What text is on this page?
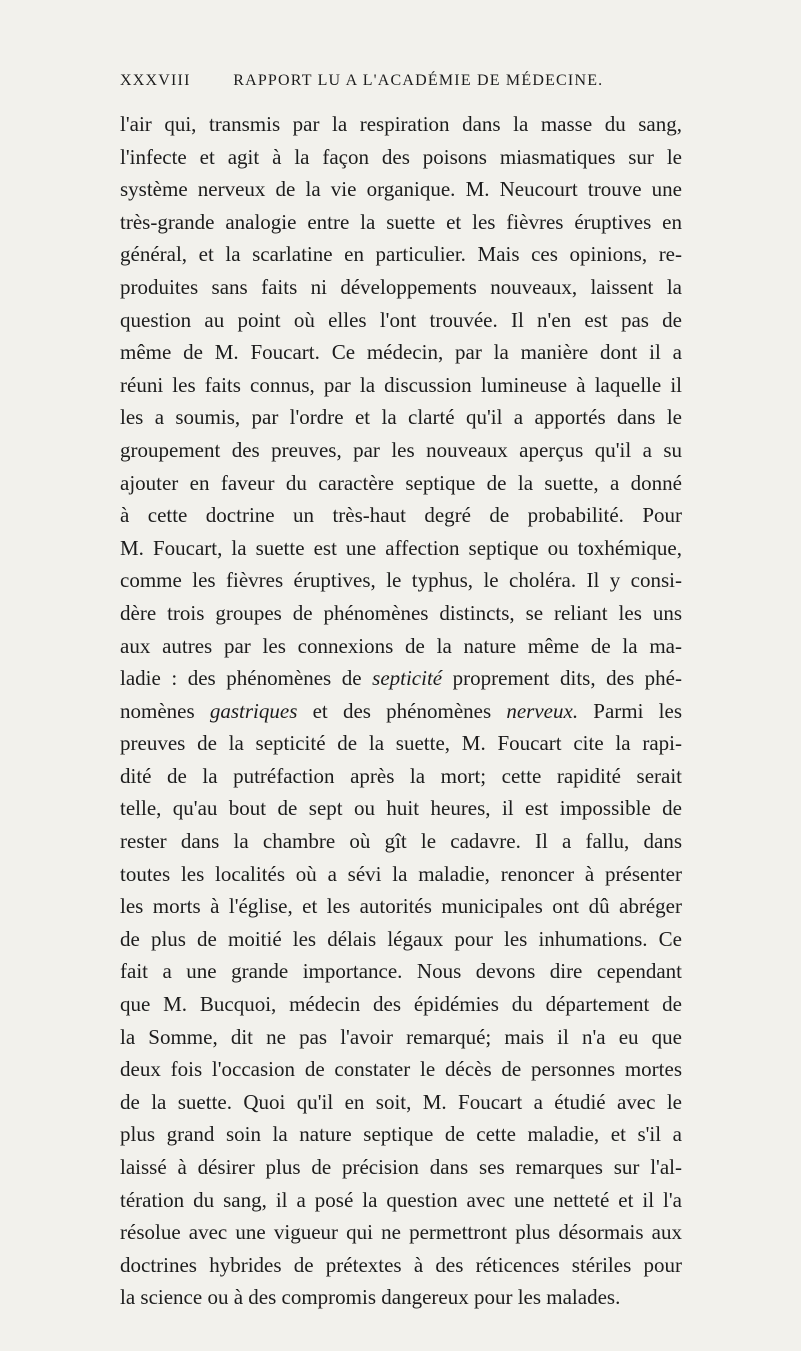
XXXVIII	RAPPORT LU A L'ACADÉMIE DE MÉDECINE.
l'air qui, transmis par la respiration dans la masse du sang,
l'infecte et agit à la façon des poisons miasmatiques sur le
système nerveux de la vie organique. M. Neucourt trouve une
très-grande analogie entre la suette et les fièvres éruptives en
général, et la scarlatine en particulier. Mais ces opinions, re-
produites sans faits ni développements nouveaux, laissent la
question au point où elles l'ont trouvée. Il n'en est pas de
même de M. Foucart. Ce médecin, par la manière dont il a
réuni les faits connus, par la discussion lumineuse à laquelle il
les a soumis, par l'ordre et la clarté qu'il a apportés dans le
groupement des preuves, par les nouveaux aperçus qu'il a su
ajouter en faveur du caractère septique de la suette, a donné
à cette doctrine un très-haut degré de probabilité. Pour
M. Foucart, la suette est une affection septique ou toxhémique,
comme les fièvres éruptives, le typhus, le choléra. Il y consi-
dère trois groupes de phénomènes distincts, se reliant les uns
aux autres par les connexions de la nature même de la ma-
ladie : des phénomènes de septicité proprement dits, des phé-
nomènes gastriques et des phénomènes nerveux. Parmi les
preuves de la septicité de la suette, M. Foucart cite la rapi-
dité de la putréfaction après la mort; cette rapidité serait
telle, qu'au bout de sept ou huit heures, il est impossible de
rester dans la chambre où gît le cadavre. Il a fallu, dans
toutes les localités où a sévi la maladie, renoncer à présenter
les morts à l'église, et les autorités municipales ont dû abréger
de plus de moitié les délais légaux pour les inhumations. Ce
fait a une grande importance. Nous devons dire cependant
que M. Bucquoi, médecin des épidémies du département de
la Somme, dit ne pas l'avoir remarqué; mais il n'a eu que
deux fois l'occasion de constater le décès de personnes mortes
de la suette. Quoi qu'il en soit, M. Foucart a étudié avec le
plus grand soin la nature septique de cette maladie, et s'il a
laissé à désirer plus de précision dans ses remarques sur l'al-
tération du sang, il a posé la question avec une netteté et il l'a
résolue avec une vigueur qui ne permettront plus désormais aux
doctrines hybrides de prétextes à des réticences stériles pour
la science ou à des compromis dangereux pour les malades.
